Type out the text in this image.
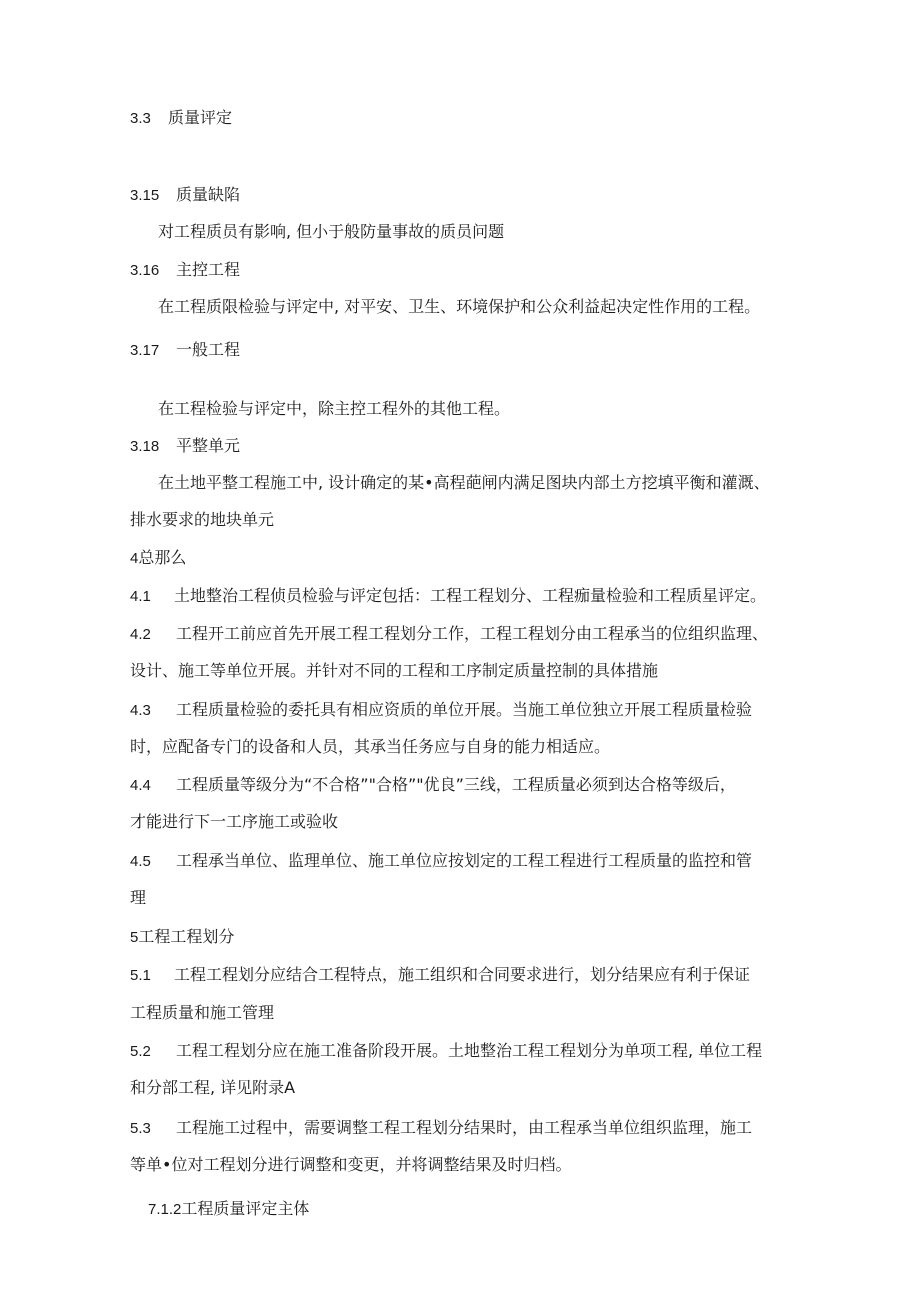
3.3 质量评定
3.15 质量缺陷
对工程质员有影响, 但小于般防量事故的质员问题
3.16 主控工程
在工程质限检验与评定中, 对平安、卫生、环境保护和公众利益起决定性作用的工程。
3.17 一般工程
在工程检验与评定中，除主控工程外的其他工程。
3.18 平整单元
在土地平整工程施工中, 设计确定的某•高程葩闸内满足图块内部土方挖填平衡和灌溉、
排水要求的地块单元
4总那么
4.1 土地整治工程侦员检验与评定包括：工程工程划分、工程痂量检验和工程质星评定。
4.2 工程开工前应首先开展工程工程划分工作，工程工程划分由工程承当的位组织监理、
设计、施工等单位开展。并针对不同的工程和工序制定质量控制的具体措施
4.3 工程质量检验的委托具有相应资质的单位开展。当施工单位独立开展工程质量检验
时，应配备专门的设备和人员，其承当任务应与自身的能力相适应。
4.4 工程质量等级分为“不合格”"合格”"优良”三线，工程质量必须到达合格等级后，
才能进行下一工序施工或验收
4.5 工程承当单位、监理单位、施工单位应按划定的工程工程进行工程质量的监控和管
理
5工程工程划分
5.1 工程工程划分应结合工程特点，施工组织和合同要求进行，划分结果应有利于保证
工程质量和施工管理
5.2 工程工程划分应在施工准备阶段开展。土地整治工程工程划分为单项工程, 单位工程
和分部工程, 详见附录A
5.3 工程施工过程中，需要调整工程工程划分结果时，由工程承当单位组织监理，施工
等单•位对工程划分进行调整和变更，并将调整结果及时归档。
7.1.2工程质量评定主体
